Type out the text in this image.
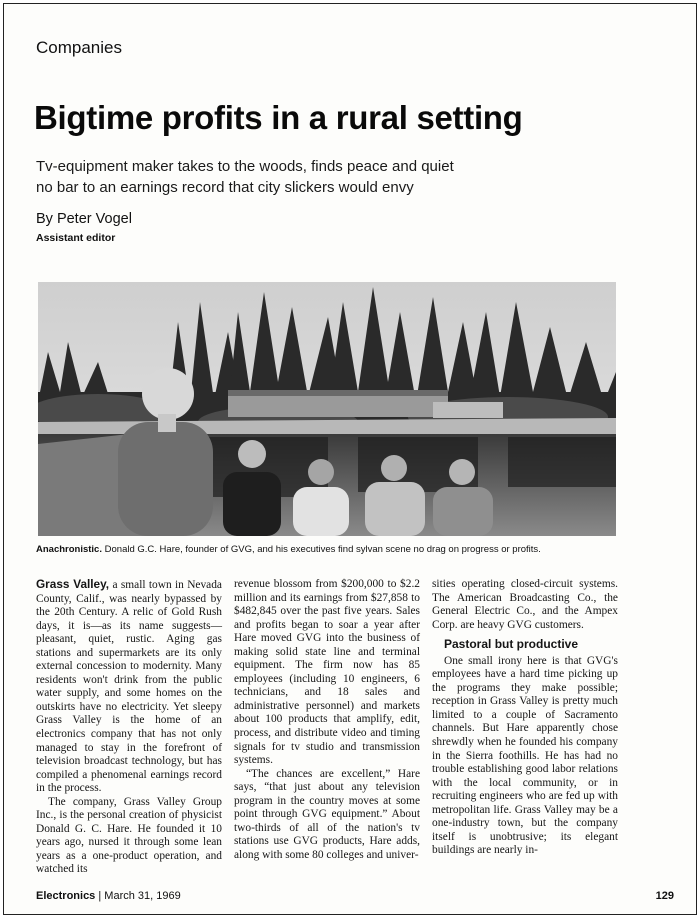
Companies
Bigtime profits in a rural setting
Tv-equipment maker takes to the woods, finds peace and quiet
no bar to an earnings record that city slickers would envy
By Peter Vogel
Assistant editor
Anachronistic. Donald G.C. Hare, founder of GVG, and his executives find sylvan scene no drag on progress or profits.

Grass Valley, a small town in Nevada County, Calif., was nearly bypassed by the 20th Century. A relic of Gold Rush days, it is—as its name suggests—pleasant, quiet, rustic. Aging gas stations and supermarkets are its only external concession to modernity. Many residents won't drink from the public water supply, and some homes on the outskirts have no electricity. Yet sleepy Grass Valley is the home of an electronics company that has not only managed to stay in the forefront of television broadcast technology, but has compiled a phenomenal earnings record in the process.

The company, Grass Valley Group Inc., is the personal creation of physicist Donald G. C. Hare. He founded it 10 years ago, nursed it through some lean years as a one-product operation, and watched its

revenue blossom from $200,000 to $2.2 million and its earnings from $27,858 to $482,845 over the past five years. Sales and profits began to soar a year after Hare moved GVG into the business of making solid state line and terminal equipment. The firm now has 85 employees (including 10 engineers, 6 technicians, and 18 sales and administrative personnel) and markets about 100 products that amplify, edit, process, and distribute video and timing signals for tv studio and transmission systems.

“The chances are excellent,” Hare says, “that just about any television program in the country moves at some point through GVG equipment.” About two-thirds of all of the nation's tv stations use GVG products, Hare adds, along with some 80 colleges and univer-

sities operating closed-circuit systems. The American Broadcasting Co., the General Electric Co., and the Ampex Corp. are heavy GVG customers.

Pastoral but productive

One small irony here is that GVG's employees have a hard time picking up the programs they make possible; reception in Grass Valley is pretty much limited to a couple of Sacramento channels. But Hare apparently chose shrewdly when he founded his company in the Sierra foothills. He has had no trouble establishing good labor relations with the local community, or in recruiting engineers who are fed up with metropolitan life. Grass Valley may be a one-industry town, but the company itself is unobtrusive; its elegant buildings are nearly in-

Electronics | March 31, 1969	129
